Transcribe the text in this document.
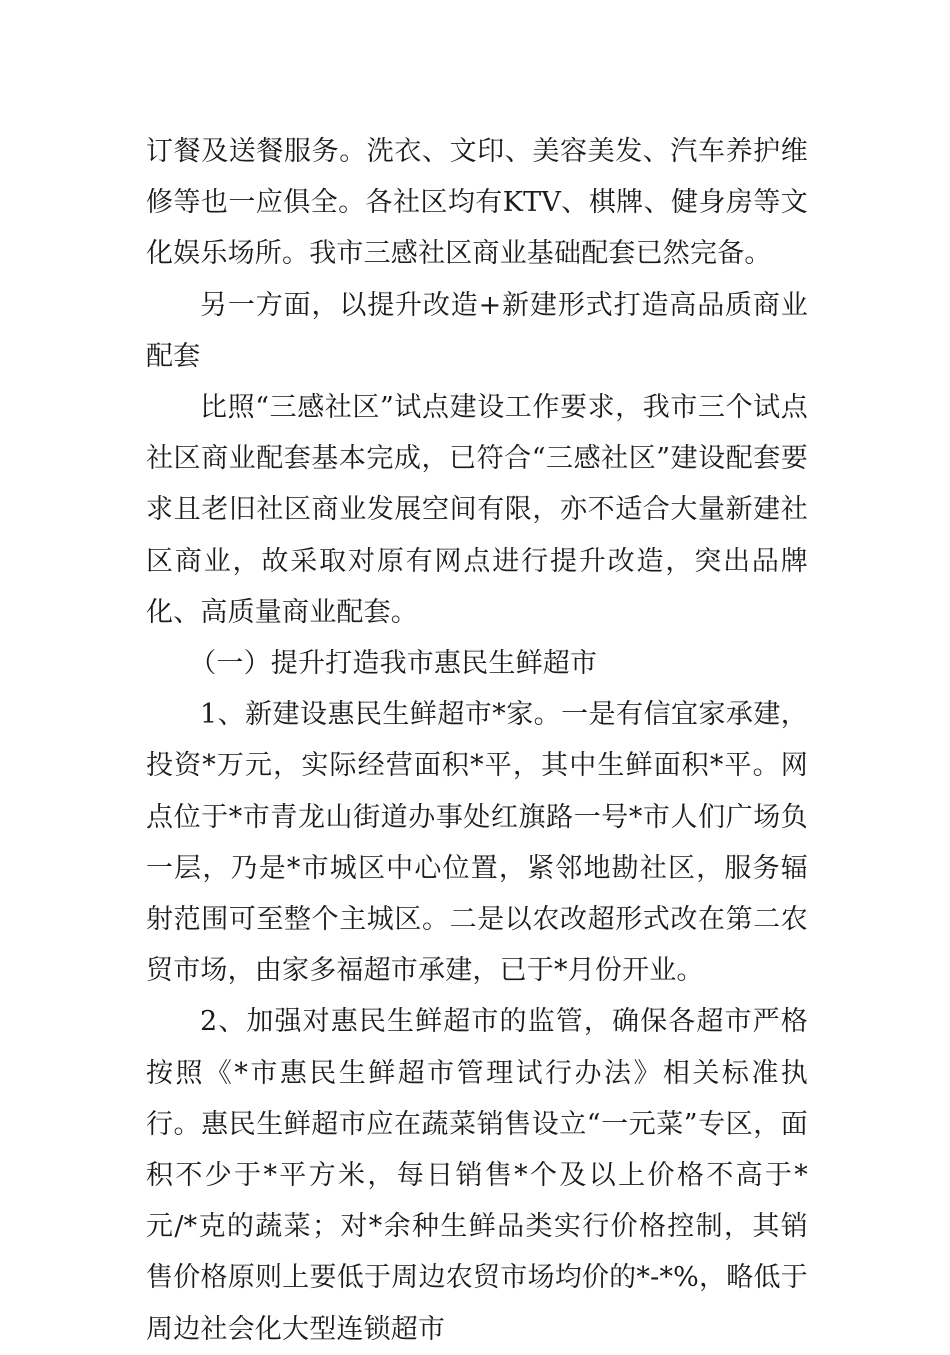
订餐及送餐服务。洗衣、文印、美容美发、汽车养护维修等也一应俱全。各社区均有KTV、棋牌、健身房等文化娱乐场所。我市三感社区商业基础配套已然完备。

另一方面，以提升改造+新建形式打造高品质商业配套

比照“三感社区”试点建设工作要求，我市三个试点社区商业配套基本完成，已符合“三感社区”建设配套要求且老旧社区商业发展空间有限，亦不适合大量新建社区商业，故采取对原有网点进行提升改造，突出品牌化、高质量商业配套。

（一）提升打造我市惠民生鲜超市

1、新建设惠民生鲜超市*家。一是有信宜家承建，投资*万元，实际经营面积*平，其中生鲜面积*平。网点位于*市青龙山街道办事处红旗路一号*市人们广场负一层，乃是*市城区中心位置，紧邻地勘社区，服务辐射范围可至整个主城区。二是以农改超形式改在第二农贸市场，由家多福超市承建，已于*月份开业。

2、加强对惠民生鲜超市的监管，确保各超市严格按照《*市惠民生鲜超市管理试行办法》相关标准执行。惠民生鲜超市应在蔬菜销售设立“一元菜”专区，面积不少于*平方米，每日销售*个及以上价格不高于*元/*克的蔬菜；对*余种生鲜品类实行价格控制，其销售价格原则上要低于周边农贸市场均价的*-*%，略低于周边社会化大型连锁超市
